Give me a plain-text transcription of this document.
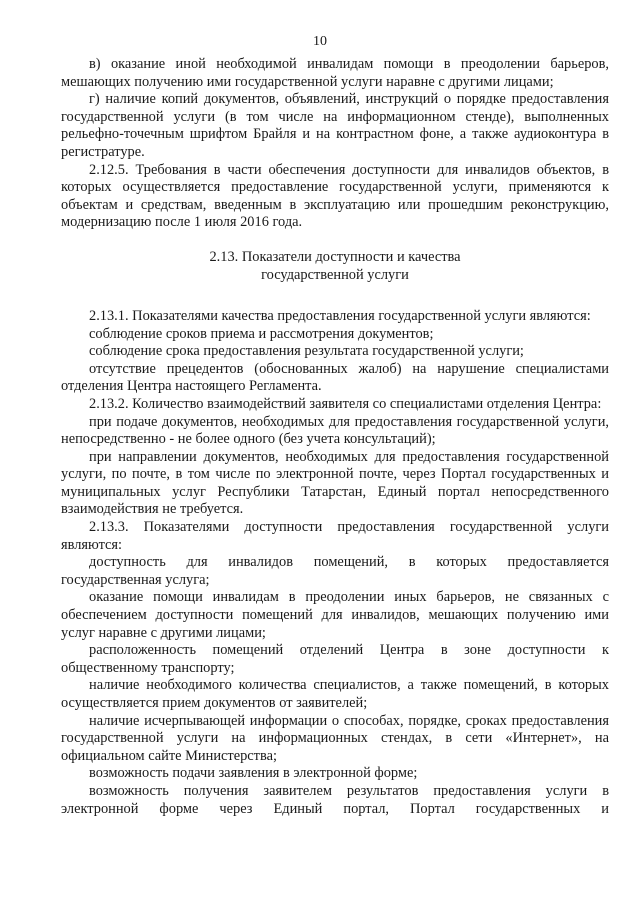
10

в) оказание иной необходимой инвалидам помощи в преодолении барьеров, мешающих получению ими государственной услуги наравне с другими лицами;

г) наличие копий документов, объявлений, инструкций о порядке предоставления государственной услуги (в том числе на информационном стенде), выполненных рельефно-точечным шрифтом Брайля и на контрастном фоне, а также аудиоконтура в регистратуре.

2.12.5. Требования в части обеспечения доступности для инвалидов объектов, в которых осуществляется предоставление государственной услуги, применяются к объектам и средствам, введенным в эксплуатацию или прошедшим реконструкцию, модернизацию после 1 июля 2016 года.

2.13. Показатели доступности и качества
государственной услуги

2.13.1. Показателями качества предоставления государственной услуги являются:

соблюдение сроков приема и рассмотрения документов;

соблюдение срока предоставления результата государственной услуги;

отсутствие прецедентов (обоснованных жалоб) на нарушение специалистами отделения Центра настоящего Регламента.

2.13.2. Количество взаимодействий заявителя со специалистами отделения Центра:

при подаче документов, необходимых для предоставления государственной услуги, непосредственно - не более одного (без учета консультаций);

при направлении документов, необходимых для предоставления государственной услуги, по почте, в том числе по электронной почте, через Портал государственных и муниципальных услуг Республики Татарстан, Единый портал непосредственного взаимодействия не требуется.

2.13.3. Показателями доступности предоставления государственной услуги являются:

доступность для инвалидов помещений, в которых предоставляется государственная услуга;

оказание помощи инвалидам в преодолении иных барьеров, не связанных с обеспечением доступности помещений для инвалидов, мешающих получению ими услуг наравне с другими лицами;

расположенность помещений отделений Центра в зоне доступности к общественному транспорту;

наличие необходимого количества специалистов, а также помещений, в которых осуществляется прием документов от заявителей;

наличие исчерпывающей информации о способах, порядке, сроках предоставления государственной услуги на информационных стендах, в сети «Интернет», на официальном сайте Министерства;

возможность подачи заявления в электронной форме;

возможность получения заявителем результатов предоставления услуги в электронной форме через Единый портал, Портал государственных и
